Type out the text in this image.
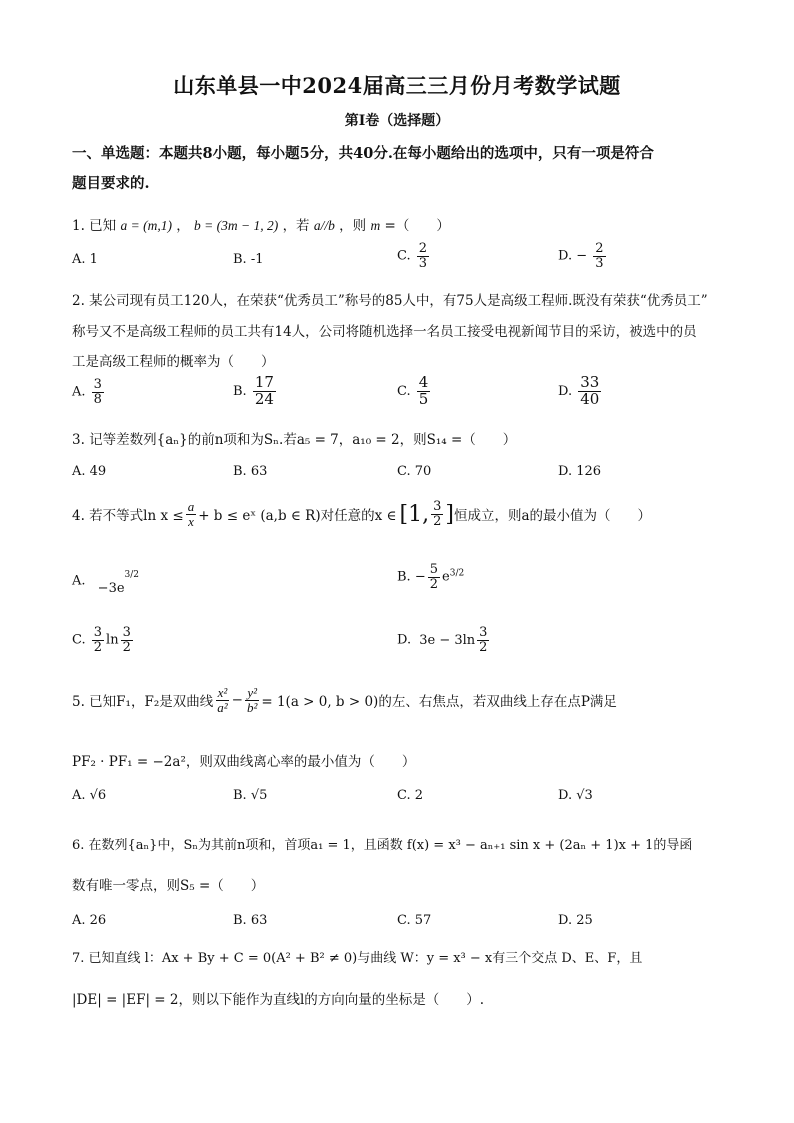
山东单县一中2024届高三三月份月考数学试题
第I卷（选择题）
一、单选题：本题共8小题，每小题5分，共40分.在每小题给出的选项中，只有一项是符合
题目要求的.
1. 已知 a = (m,1) ， b = (3m − 1, 2) ，若 a//b ，则 m =（　　）
A. 1	B. -1	C. $\frac{2}{3}$	D. − $\frac{2}{3}$
2. 某公司现有员工120人，在荣获“优秀员工”称号的85人中，有75人是高级工程师.既没有荣获“优秀员工”
称号又不是高级工程师的员工共有14人，公司将随机选择一名员工接受电视新闻节目的采访，被选中的员
工是高级工程师的概率为（　　）
A. $\frac{3}{8}$	B. $\frac{17}{24}$	C. $\frac{4}{5}$	D. $\frac{33}{40}$
3. 记等差数列{aₙ}的前n项和为Sₙ.若a₅ = 7，a₁₀ = 2，则S₁₄ =（　　）
A. 49	B. 63	C. 70	D. 126
4. 若不等式$\ln x \le \frac{a}{x} + b$ ≤ eˣ (a,b ∈ R)对任意的x ∈ [1, $\frac{3}{2}$ ] 恒成立，则a的最小值为（　　）
A. $-3e^{3/2}$	B. − $\frac{5}{2} e^{3/2}$
C. $\frac{3}{2}$ $\ln \frac{3}{2}$	D. $3e - 3\ln \frac{3}{2}$
5. 已知F₁，F₂是双曲线 $\frac{\text{x²}}{\text{a²}} - \frac{\text{y²}}{\text{b²}} = 1(a > 0$, b > 0)的左、右焦点，若双曲线上存在点P满足
PF₂ · PF₁ = −2a²，则双曲线离心率的最小值为（　　）
A. √6	B. √5	C. 2	D. √3
6. 在数列{aₙ}中，Sₙ为其前n项和，首项a₁ = 1，且函数 f(x) = x³ − aₙ₊₁ sin x + (2aₙ + 1)x + 1的导函
数有唯一零点，则S₅ =（　　）
A. 26	B. 63	C. 57	D. 25
7. 已知直线 l：Ax + By + C = 0(A² + B² ≠ 0)与曲线 W：y = x³ − x有三个交点 D、E、F，且
|DE| = |EF| = 2，则以下能作为直线l的方向向量的坐标是（　　）.
